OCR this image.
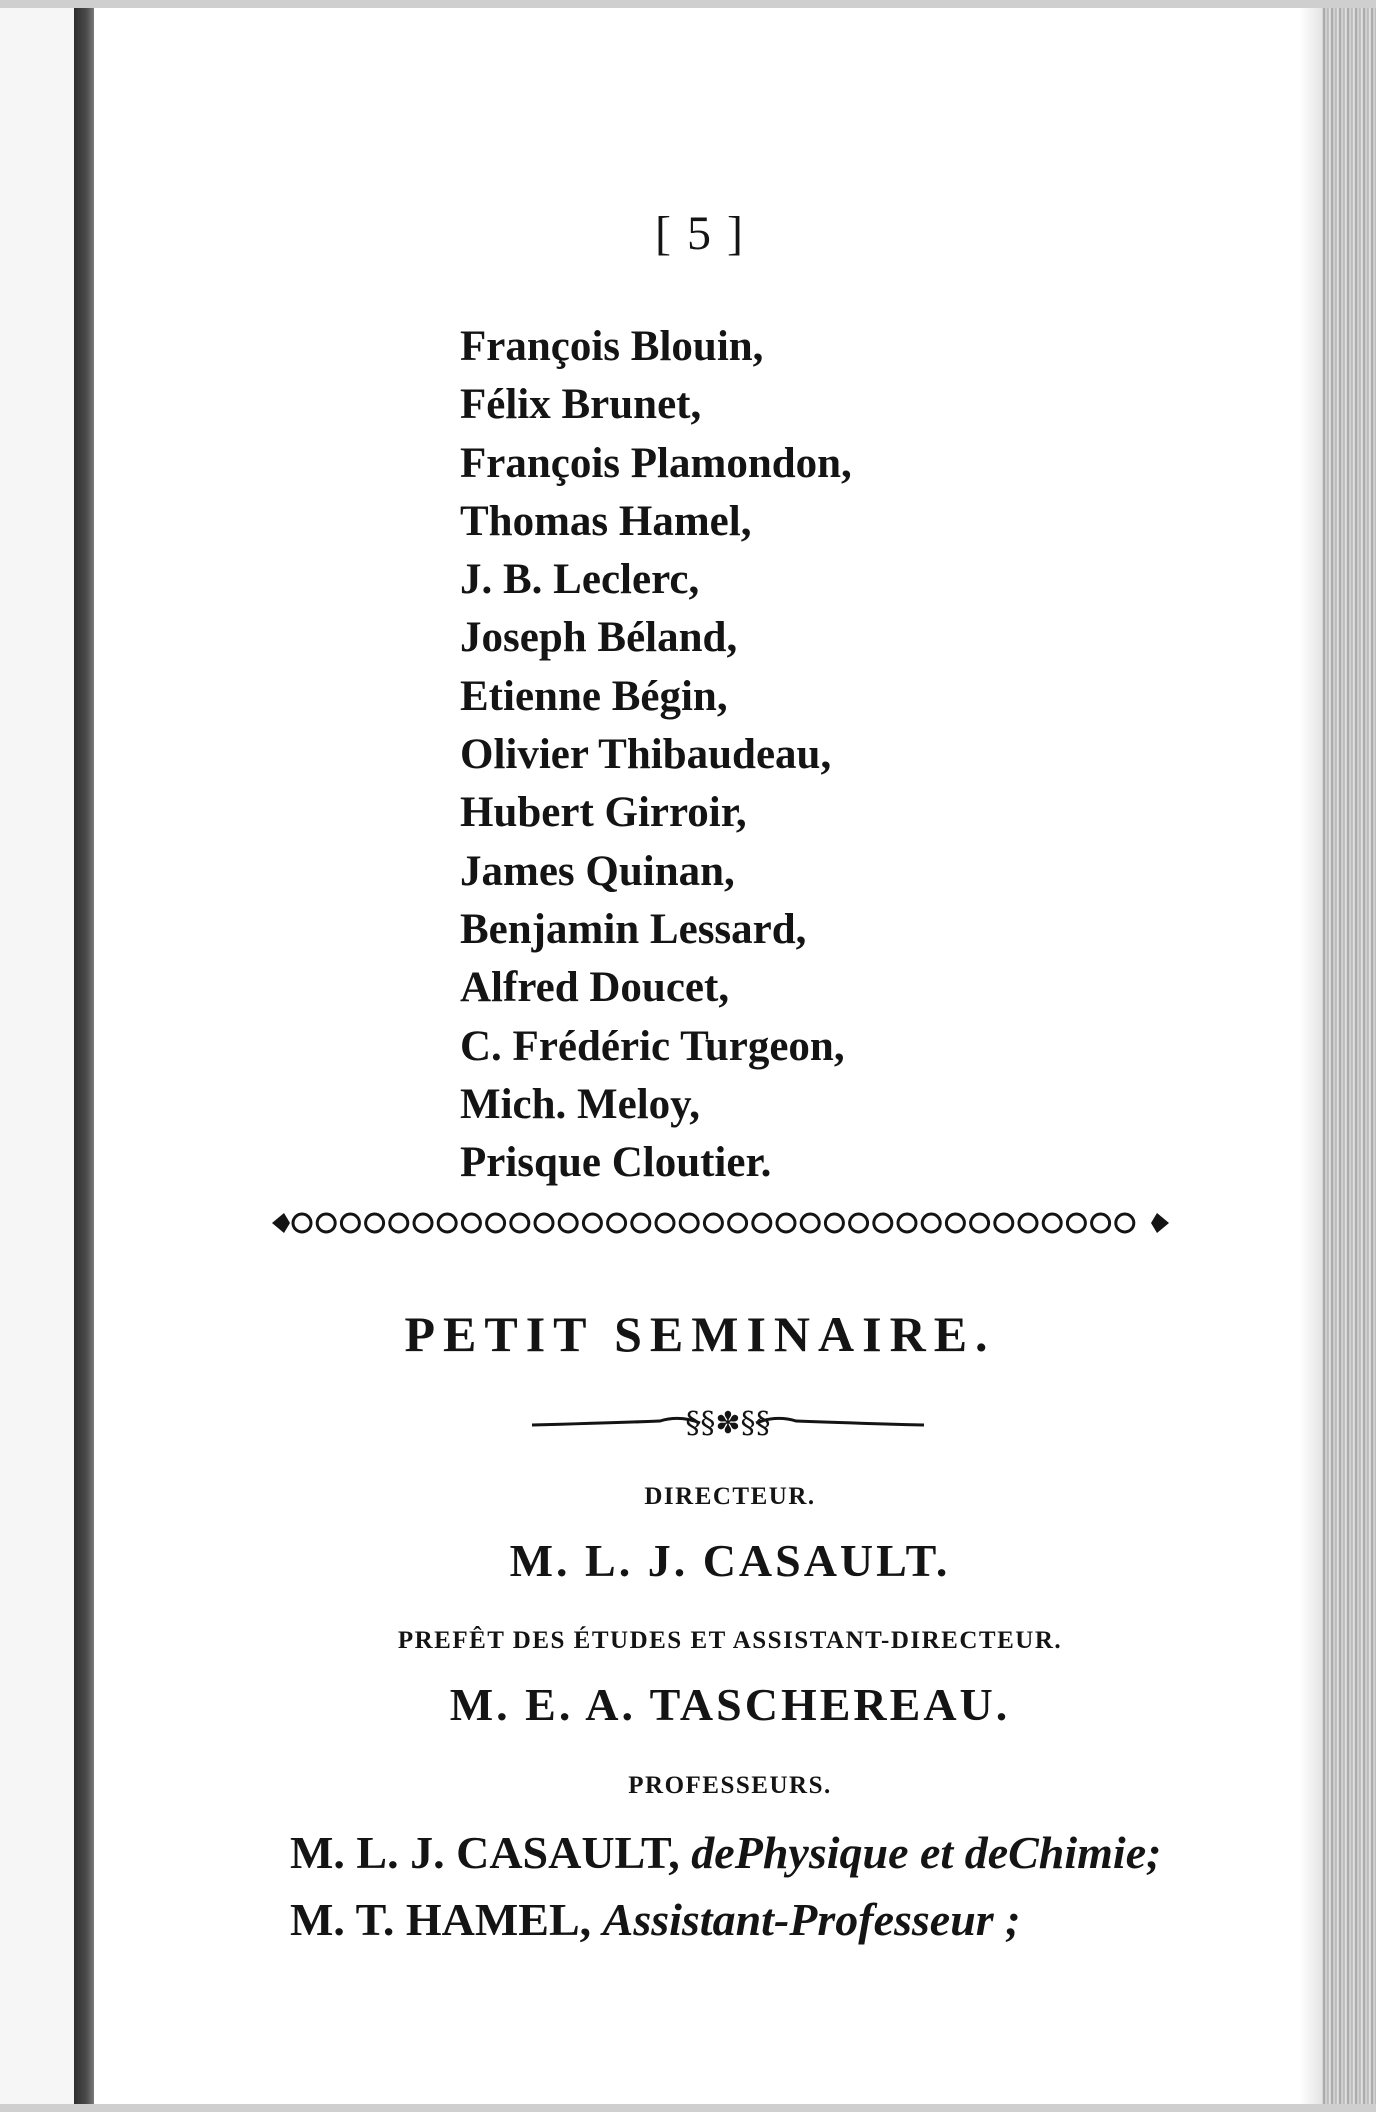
[ 5 ]
François Blouin,
Félix Brunet,
François Plamondon,
Thomas Hamel,
J. B. Leclerc,
Joseph Béland,
Etienne Bégin,
Olivier Thibaudeau,
Hubert Girroir,
James Quinan,
Benjamin Lessard,
Alfred Doucet,
C. Frédéric Turgeon,
Mich. Meloy,
Prisque Cloutier.
PETIT SEMINAIRE.
§§✽§§
DIRECTEUR.
M. L. J. CASAULT.
PREFÊT DES ÉTUDES ET ASSISTANT-DIRECTEUR.
M. E. A. TASCHEREAU.
PROFESSEURS.
M. L. J. CASAULT, dePhysique et deChimie;
M. T. HAMEL, Assistant-Professeur ;
